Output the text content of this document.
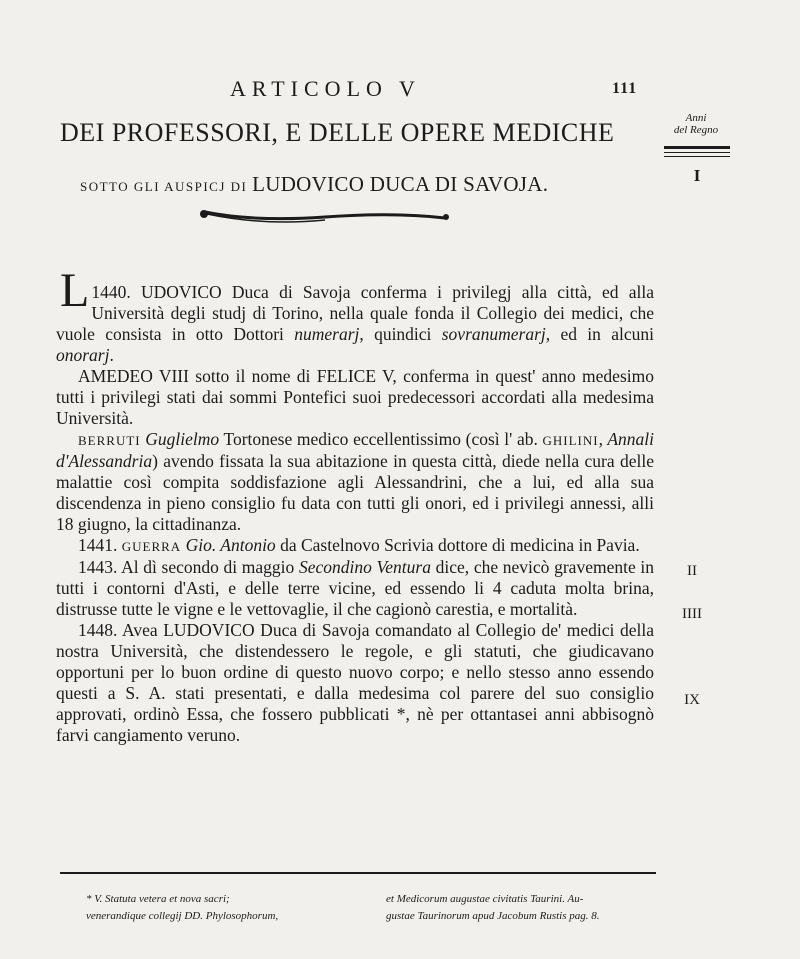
ARTICOLO V	111
DEI PROFESSORI, E DELLE OPERE MEDICHE
SOTTO GLI AUSPICJ DI LUDOVICO DUCA DI SAVOJA.
Anni
del Regno
I

1440.
L	UDOVICO Duca di Savoja conferma i privilegj alla città, ed alla Università degli studj di Torino, nella quale fonda il Collegio dei medici, che vuole consista in otto Dottori numerarj, quindici sovranumerarj, ed in alcuni onorarj.

AMEDEO VIII sotto il nome di FELICE V, conferma in quest' anno medesimo tutti i privilegi stati dai sommi Pontefici suoi predecessori accordati alla medesima Università.

BERRUTI Guglielmo Tortonese medico eccellentissimo (così l' ab. GHILINI, Annali d'Alessandria) avendo fissata la sua abitazione in questa città, diede nella cura delle malattie così compita soddisfazione agli Alessandrini, che a lui, ed alla sua discendenza in pieno consiglio fu data con tutti gli onori, ed i privilegi annessi, alli 18 giugno, la cittadinanza.

1441. GUERRA Gio. Antonio da Castelnovo Scrivia dottore di medicina in Pavia.

1443. Al dì secondo di maggio Secondino Ventura dice, che nevicò gravemente in tutti i contorni d'Asti, e delle terre vicine, ed essendo li 4 caduta molta brina, distrusse tutte le vigne e le vettovaglie, il che cagionò carestia, e mortalità.

1448. Avea LUDOVICO Duca di Savoja comandato al Collegio de' medici della nostra Università, che distendessero le regole, e gli statuti, che giudicavano opportuni per lo buon ordine di questo nuovo corpo; e nello stesso anno essendo questi a S. A. stati presentati, e dalla medesima col parere del suo consiglio approvati, ordinò Essa, che fossero pubblicati *, nè per ottantasei anni abbisognò farvi cangiamento veruno.

II
IIII
IX

* V. Statuta vetera et nova sacri;

venerandique collegij DD. Phylosophorum,

et Medicorum augustae civitatis Taurini. Au-

gustae Taurinorum apud Jacobum Rustis pag. 8.
